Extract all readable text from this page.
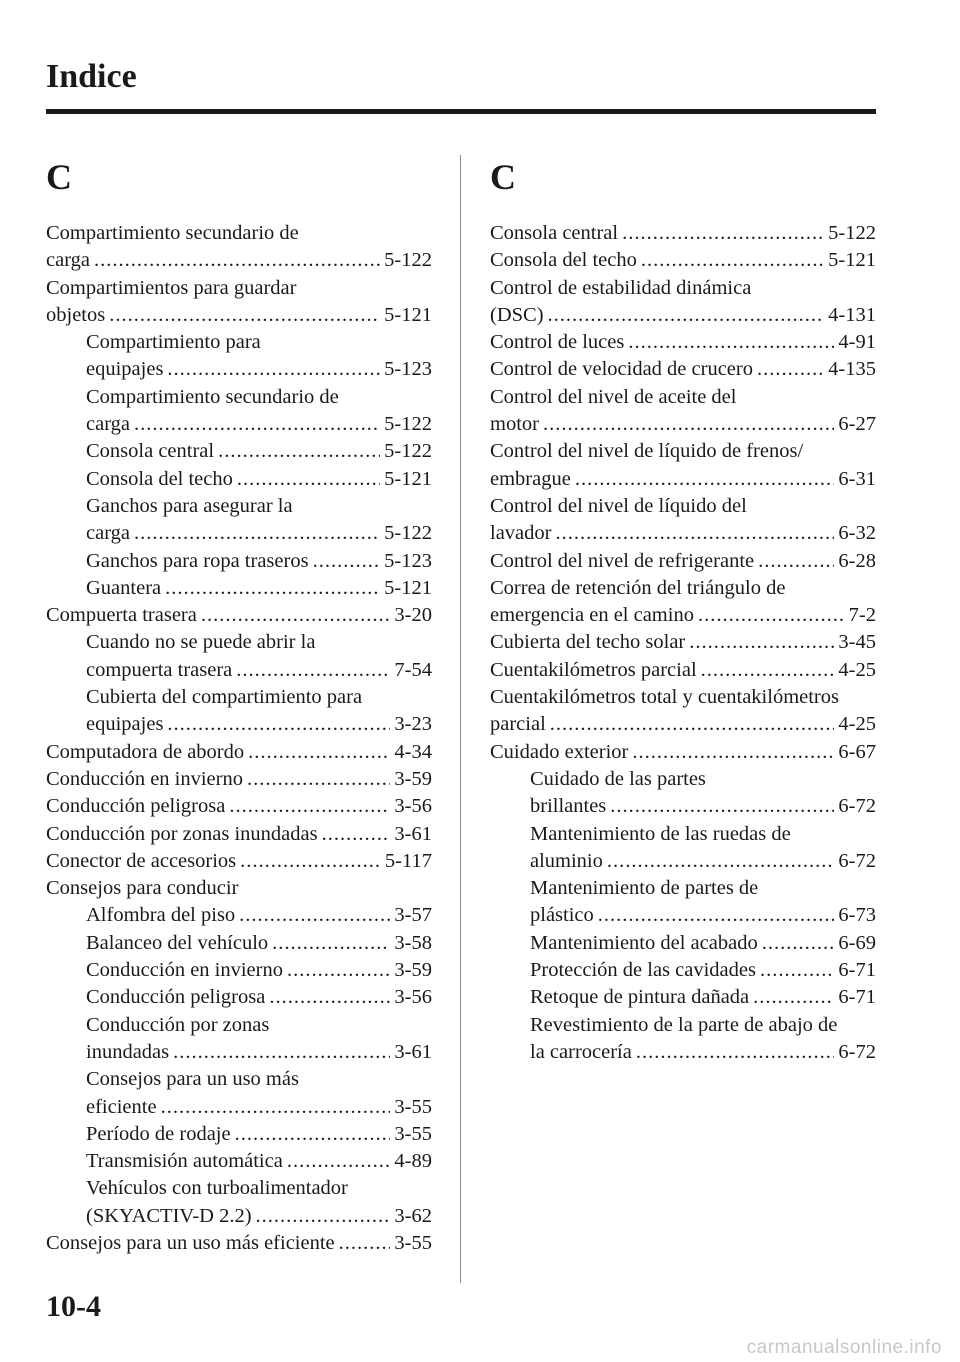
Indice
C
Compartimiento secundario de
carga .....	5-122
Compartimientos para guardar
objetos .....	5-121
Compartimiento para
equipajes .....	5-123
Compartimiento secundario de
carga .....	5-122
Consola central .....	5-122
Consola del techo .....	5-121
Ganchos para asegurar la
carga .....	5-122
Ganchos para ropa traseros .....	5-123
Guantera .....	5-121
Compuerta trasera .....	3-20
Cuando no se puede abrir la
compuerta trasera .....	7-54
Cubierta del compartimiento para
equipajes .....	3-23
Computadora de abordo .....	4-34
Conducción en invierno .....	3-59
Conducción peligrosa .....	3-56
Conducción por zonas inundadas .....	3-61
Conector de accesorios .....	5-117
Consejos para conducir
Alfombra del piso .....	3-57
Balanceo del vehículo .....	3-58
Conducción en invierno .....	3-59
Conducción peligrosa .....	3-56
Conducción por zonas
inundadas .....	3-61
Consejos para un uso más
eficiente .....	3-55
Período de rodaje .....	3-55
Transmisión automática .....	4-89
Vehículos con turboalimentador
(SKYACTIV-D 2.2) .....	3-62
Consejos para un uso más eficiente .....	3-55
C
Consola central .....	5-122
Consola del techo .....	5-121
Control de estabilidad dinámica
(DSC) .....	4-131
Control de luces .....	4-91
Control de velocidad de crucero .....	4-135
Control del nivel de aceite del
motor .....	6-27
Control del nivel de líquido de frenos/
embrague .....	6-31
Control del nivel de líquido del
lavador .....	6-32
Control del nivel de refrigerante .....	6-28
Correa de retención del triángulo de
emergencia en el camino .....	7-2
Cubierta del techo solar .....	3-45
Cuentakilómetros parcial .....	4-25
Cuentakilómetros total y cuentakilómetros
parcial .....	4-25
Cuidado exterior .....	6-67
Cuidado de las partes
brillantes .....	6-72
Mantenimiento de las ruedas de
aluminio .....	6-72
Mantenimiento de partes de
plástico .....	6-73
Mantenimiento del acabado .....	6-69
Protección de las cavidades .....	6-71
Retoque de pintura dañada .....	6-71
Revestimiento de la parte de abajo de
la carrocería .....	6-72
10-4
carmanualsonline.info
